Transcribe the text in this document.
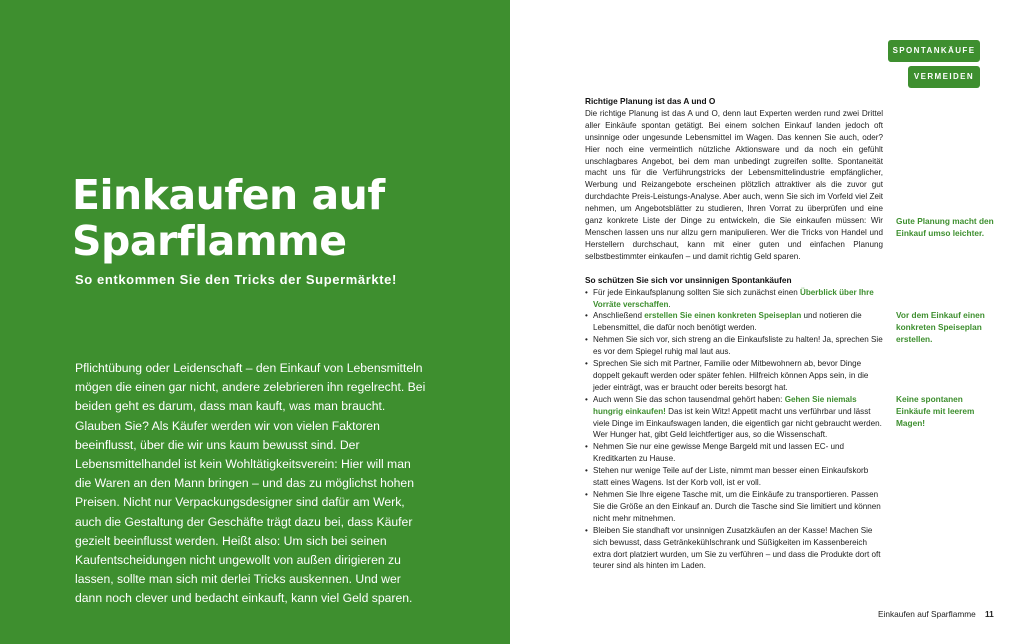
Einkaufen auf
Sparflamme

So entkommen Sie den Tricks der Supermärkte!

Pflichtübung oder Leidenschaft – den Einkauf von Lebensmitteln mögen die einen gar nicht, andere zelebrieren ihn regelrecht. Bei beiden geht es darum, dass man kauft, was man braucht. Glauben Sie? Als Käufer werden wir von vielen Faktoren beeinflusst, über die wir uns kaum bewusst sind. Der Lebensmittelhandel ist kein Wohltätigkeitsverein: Hier will man die Waren an den Mann bringen – und das zu möglichst hohen Preisen. Nicht nur Verpackungsdesigner sind dafür am Werk, auch die Gestaltung der Geschäfte trägt dazu bei, dass Käufer gezielt beeinflusst werden. Heißt also: Um sich bei seinen Kaufentscheidungen nicht ungewollt von außen dirigieren zu lassen, sollte man sich mit derlei Tricks auskennen. Und wer dann noch clever und bedacht einkauft, kann viel Geld sparen.

SPONTANKÄUFE
VERMEIDEN
Richtige Planung ist das A und O

Die richtige Planung ist das A und O, denn laut Experten werden rund zwei Drittel aller Einkäufe spontan getätigt. Bei einem solchen Einkauf landen jedoch oft unsinnige oder ungesunde Lebensmittel im Wagen. Das kennen Sie auch, oder? Hier noch eine vermeintlich nützliche Aktionsware und da noch ein gefühlt unschlagbares Angebot, bei dem man unbedingt zugreifen sollte. Spontaneität macht uns für die Verführungstricks der Lebensmittelindustrie empfänglicher, Werbung und Reizangebote erscheinen plötzlich attraktiver als die zuvor gut durchdachte Preis-Leistungs-Analyse. Aber auch, wenn Sie sich im Vorfeld viel Zeit nehmen, um Angebotsblätter zu studieren, Ihren Vorrat zu überprüfen und eine ganz konkrete Liste der Dinge zu entwickeln, die Sie einkaufen müssen: Wir Menschen lassen uns nur allzu gern manipulieren. Wer die Tricks von Handel und Herstellern durchschaut, kann mit einer guten und einfachen Planung selbstbestimmter einkaufen – und damit richtig Geld sparen.

So schützen Sie sich vor unsinnigen Spontankäufen
• Für jede Einkaufsplanung sollten Sie sich zunächst einen Überblick über Ihre Vorräte verschaffen.
• Anschließend erstellen Sie einen konkreten Speiseplan und notieren die Lebensmittel, die dafür noch benötigt werden.
• Nehmen Sie sich vor, sich streng an die Einkaufsliste zu halten! Ja, sprechen Sie es vor dem Spiegel ruhig mal laut aus.
• Sprechen Sie sich mit Partner, Familie oder Mitbewohnern ab, bevor Dinge doppelt gekauft werden oder später fehlen. Hilfreich können Apps sein, in die jeder einträgt, was er braucht oder bereits besorgt hat.
• Auch wenn Sie das schon tausendmal gehört haben: Gehen Sie niemals hungrig einkaufen! Das ist kein Witz! Appetit macht uns verführbar und lässt viele Dinge im Einkaufswagen landen, die eigentlich gar nicht gebraucht werden. Wer Hunger hat, gibt Geld leichtfertiger aus, so die Wissenschaft.
• Nehmen Sie nur eine gewisse Menge Bargeld mit und lassen EC- und Kreditkarten zu Hause.
• Stehen nur wenige Teile auf der Liste, nimmt man besser einen Einkaufskorb statt eines Wagens. Ist der Korb voll, ist er voll.
• Nehmen Sie Ihre eigene Tasche mit, um die Einkäufe zu transportieren. Passen Sie die Größe an den Einkauf an. Durch die Tasche sind Sie limitiert und können nicht mehr mitnehmen.
• Bleiben Sie standhaft vor unsinnigen Zusatzkäufen an der Kasse! Machen Sie sich bewusst, dass Getränkekühlschrank und Süßigkeiten im Kassenbereich extra dort platziert wurden, um Sie zu verführen – und dass die Produkte dort oft teurer sind als hinten im Laden.

Gute Planung macht den Einkauf umso leichter.

Vor dem Einkauf einen konkreten Speiseplan erstellen.

Keine spontanen Einkäufe mit leerem Magen!

Einkaufen auf Sparflamme 11
